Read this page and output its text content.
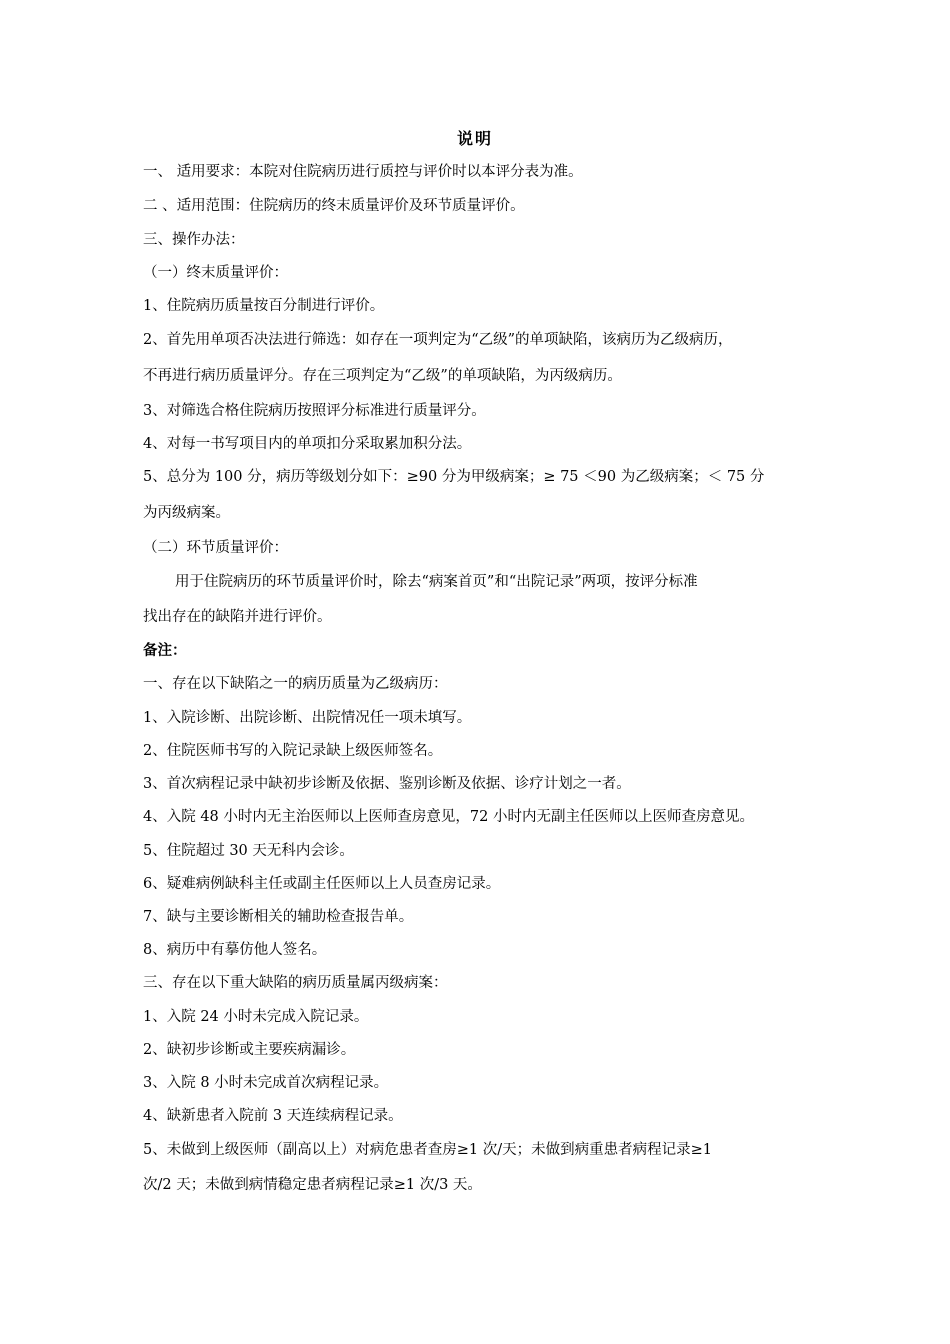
说明
一、 适用要求：本院对住院病历进行质控与评价时以本评分表为准。
二 、适用范围：住院病历的终末质量评价及环节质量评价。
三、操作办法：
（一）终末质量评价：
1、住院病历质量按百分制进行评价。
2、首先用单项否决法进行筛选：如存在一项判定为“乙级”的单项缺陷，该病历为乙级病历，
不再进行病历质量评分。存在三项判定为“乙级”的单项缺陷，为丙级病历。
3、对筛选合格住院病历按照评分标准进行质量评分。
4、对每一书写项目内的单项扣分采取累加积分法。
5、总分为 100 分，病历等级划分如下：≥90 分为甲级病案；≥ 75 ＜90 为乙级病案；＜ 75 分
为丙级病案。
（二）环节质量评价：
用于住院病历的环节质量评价时，除去“病案首页”和“出院记录”两项，按评分标准
找出存在的缺陷并进行评价。
备注：
一、存在以下缺陷之一的病历质量为乙级病历：
1、入院诊断、出院诊断、出院情况任一项未填写。
2、住院医师书写的入院记录缺上级医师签名。
3、首次病程记录中缺初步诊断及依据、鉴别诊断及依据、诊疗计划之一者。
4、入院 48 小时内无主治医师以上医师查房意见，72 小时内无副主任医师以上医师查房意见。
5、住院超过 30 天无科内会诊。
6、疑难病例缺科主任或副主任医师以上人员查房记录。
7、缺与主要诊断相关的辅助检查报告单。
8、病历中有摹仿他人签名。
三、存在以下重大缺陷的病历质量属丙级病案：
1、入院 24 小时未完成入院记录。
2、缺初步诊断或主要疾病漏诊。
3、入院 8 小时未完成首次病程记录。
4、缺新患者入院前 3 天连续病程记录。
5、未做到上级医师（副高以上）对病危患者查房≥1 次/天；未做到病重患者病程记录≥1
次/2 天；未做到病情稳定患者病程记录≥1 次/3 天。
